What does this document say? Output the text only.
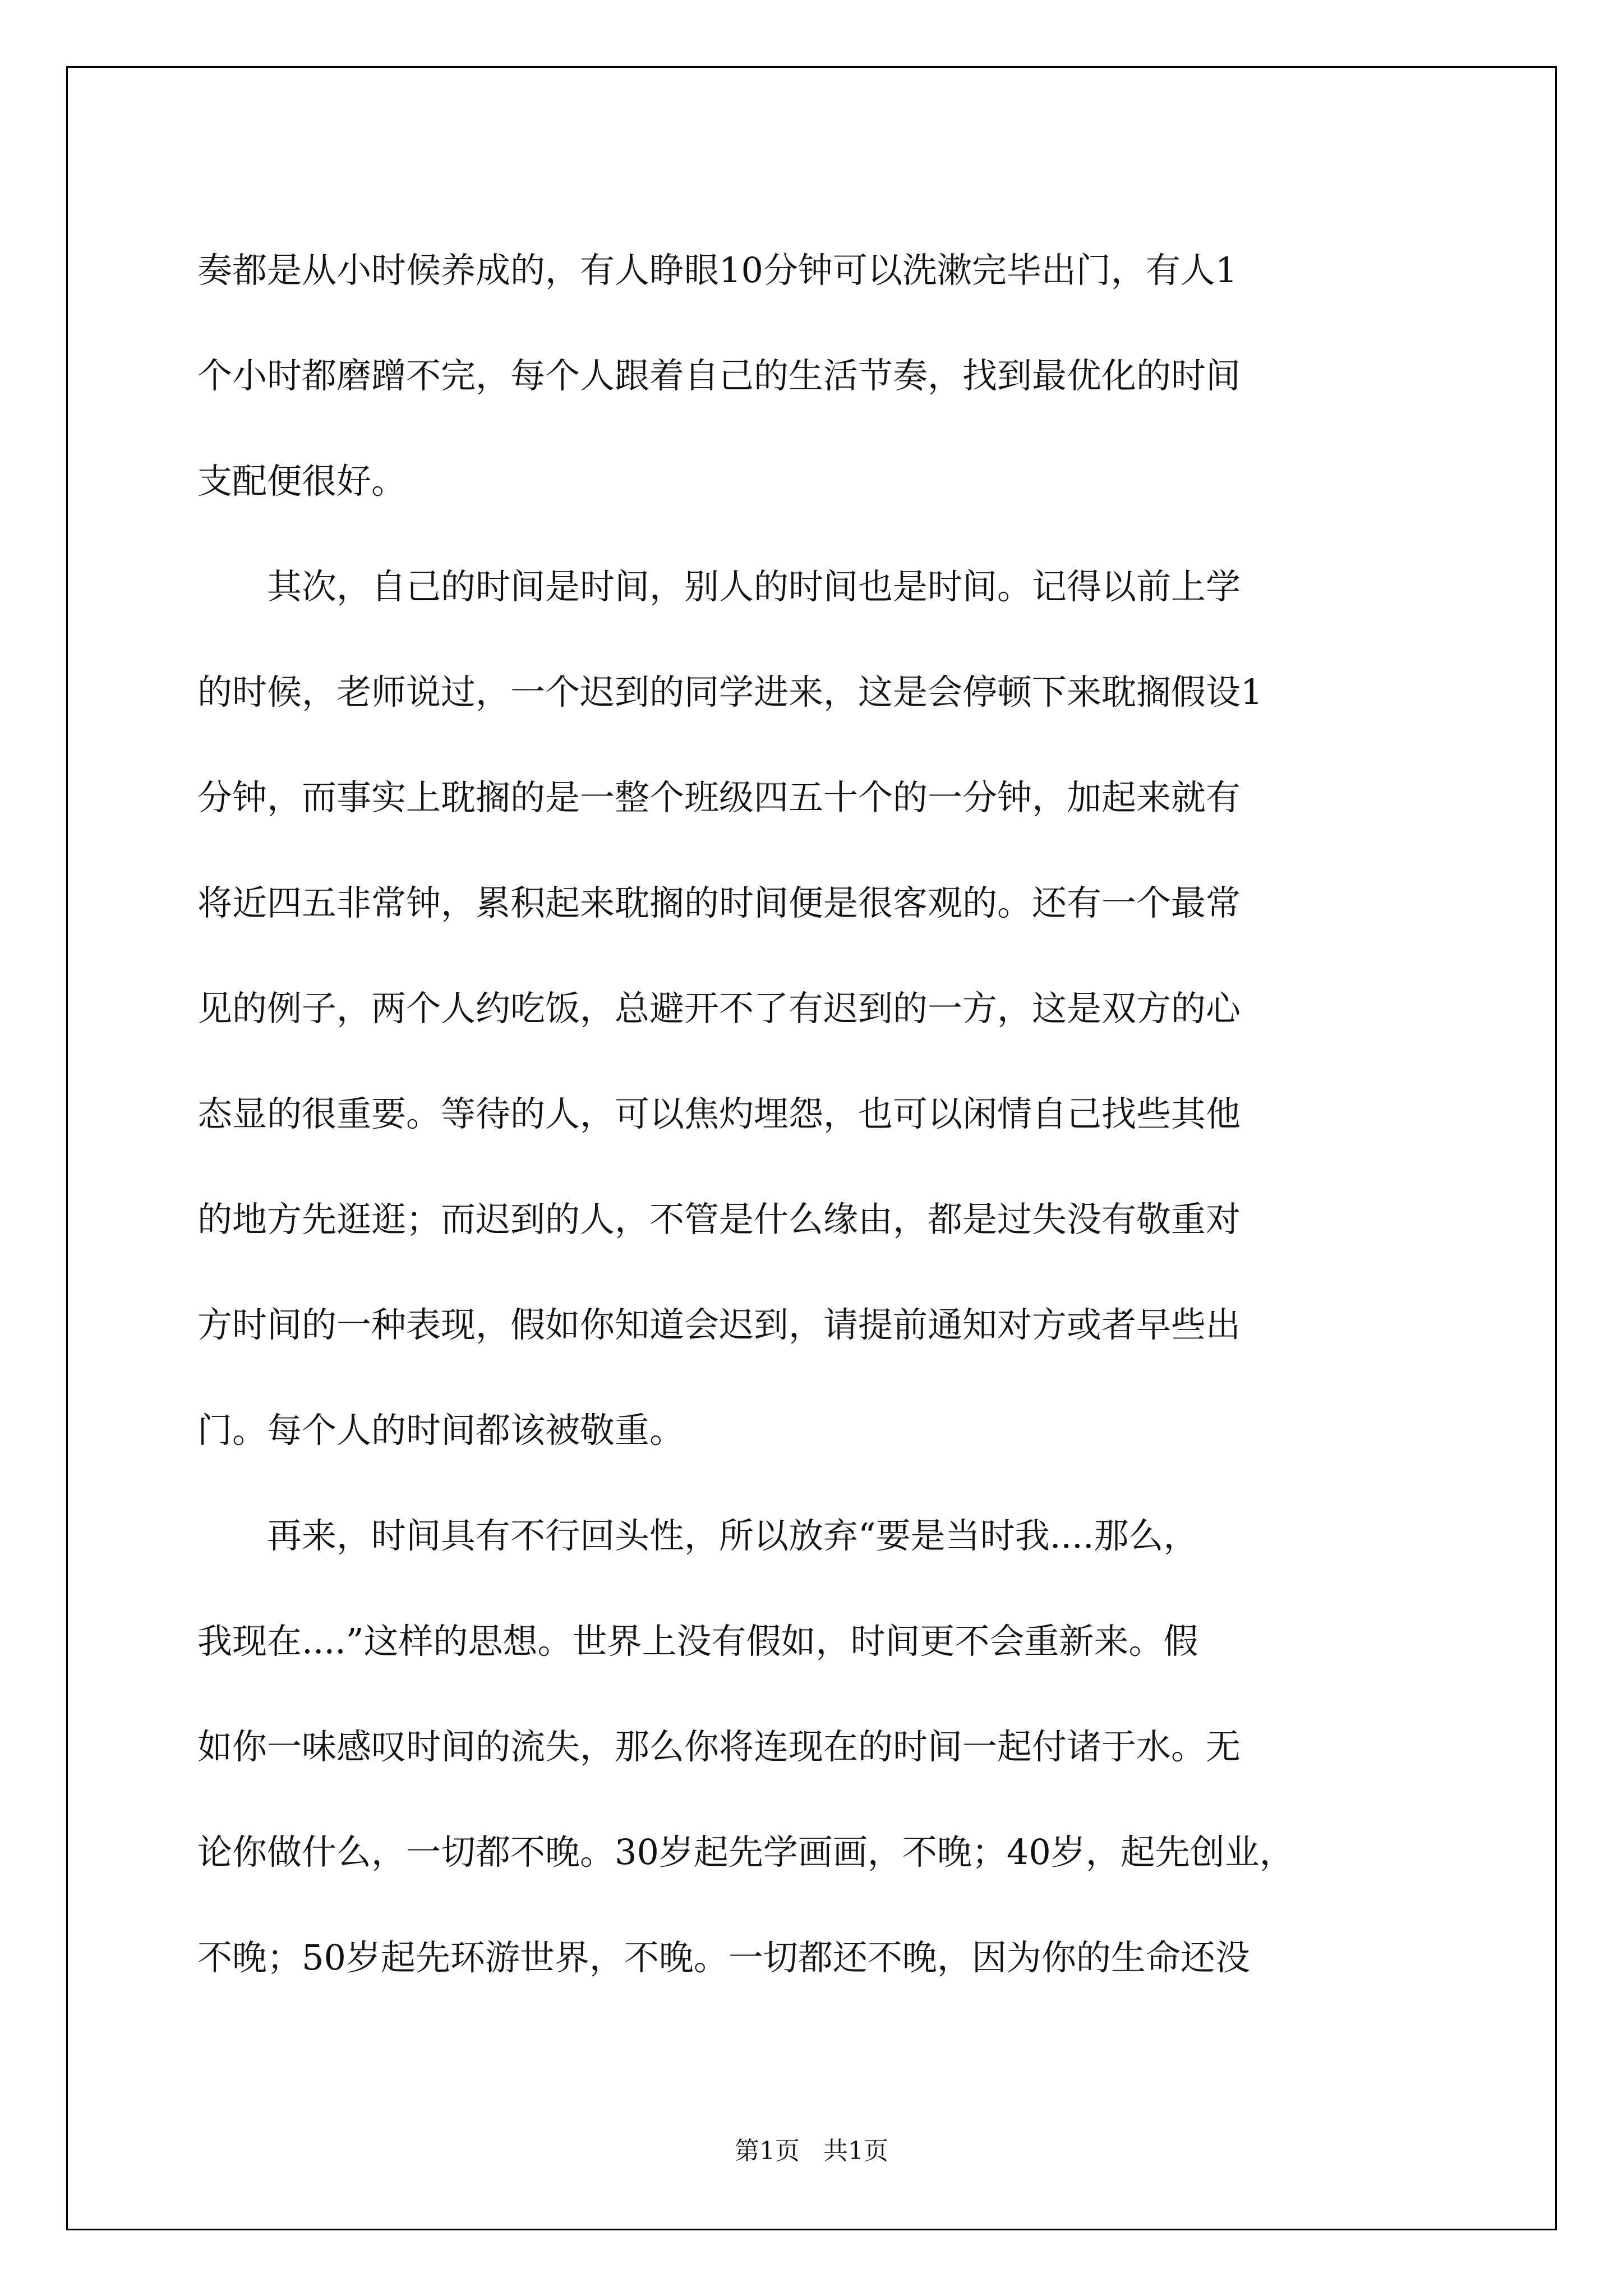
奏都是从小时候养成的，有人睁眼10分钟可以洗漱完毕出门，有人1

个小时都磨蹭不完，每个人跟着自己的生活节奏，找到最优化的时间

支配便很好。

　　其次，自己的时间是时间，别人的时间也是时间。记得以前上学

的时候，老师说过，一个迟到的同学进来，这是会停顿下来耽搁假设1

分钟，而事实上耽搁的是一整个班级四五十个的一分钟，加起来就有

将近四五非常钟，累积起来耽搁的时间便是很客观的。还有一个最常

见的例子，两个人约吃饭，总避开不了有迟到的一方，这是双方的心

态显的很重要。等待的人，可以焦灼埋怨，也可以闲情自己找些其他

的地方先逛逛；而迟到的人，不管是什么缘由，都是过失没有敬重对

方时间的一种表现，假如你知道会迟到，请提前通知对方或者早些出

门。每个人的时间都该被敬重。

　　再来，时间具有不行回头性，所以放弃“要是当时我....那么，

我现在....”这样的思想。世界上没有假如，时间更不会重新来。假

如你一味感叹时间的流失，那么你将连现在的时间一起付诸于水。无

论你做什么，一切都不晚。30岁起先学画画，不晚；40岁，起先创业，

不晚；50岁起先环游世界，不晚。一切都还不晚，因为你的生命还没

第1页   共1页
